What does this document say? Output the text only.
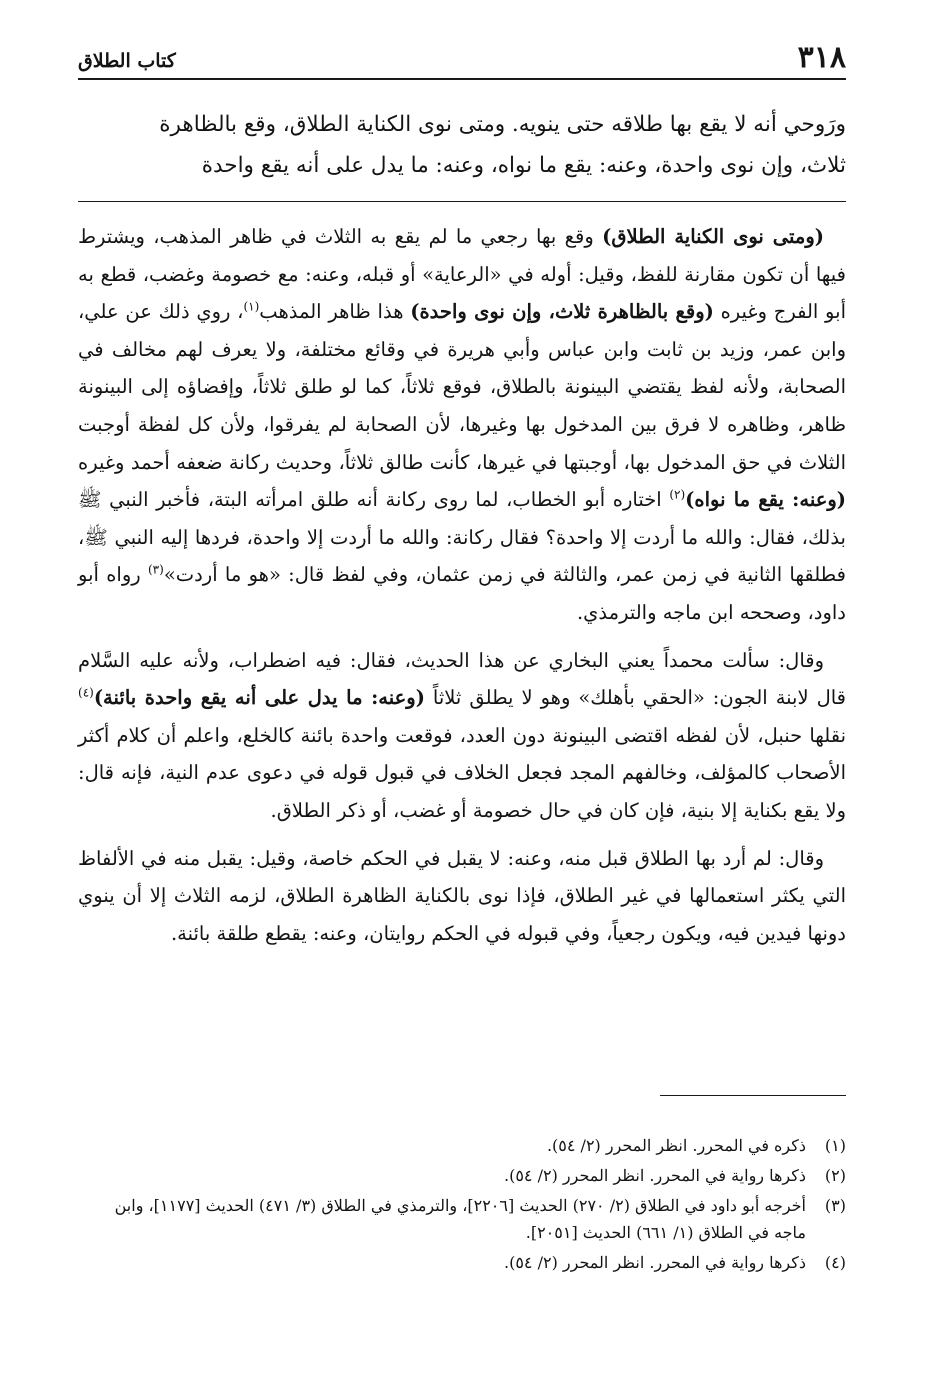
٣١٨
كتاب الطلاق

ورَوحي أنه لا يقع بها طلاقه حتى ينويه. ومتى نوى الكناية الطلاق، وقع بالظاهرة

ثلاث، وإن نوى واحدة، وعنه: يقع ما نواه، وعنه: ما يدل على أنه يقع واحدة

(ومتى نوى الكناية الطلاق) وقع بها رجعي ما لم يقع به الثلاث في ظاهر المذهب، ويشترط فيها أن تكون مقارنة للفظ، وقيل: أوله في «الرعاية» أو قبله، وعنه: مع خصومة وغضب، قطع به أبو الفرج وغيره (وقع بالظاهرة ثلاث، وإن نوى واحدة) هذا ظاهر المذهب$^{(١)}$، روي ذلك عن علي، وابن عمر، وزيد بن ثابت وابن عباس وأبي هريرة في وقائع مختلفة، ولا يعرف لهم مخالف في الصحابة، ولأنه لفظ يقتضي البينونة بالطلاق، فوقع ثلاثاً، كما لو طلق ثلاثاً، وإفضاؤه إلى البينونة ظاهر، وظاهره لا فرق بين المدخول بها وغيرها، لأن الصحابة لم يفرقوا، ولأن كل لفظة أوجبت الثلاث في حق المدخول بها، أوجبتها في غيرها، كأنت طالق ثلاثاً، وحديث ركانة ضعفه أحمد وغيره (وعنه: يقع ما نواه)$^{(٢)}$ اختاره أبو الخطاب، لما روى ركانة أنه طلق امرأته البتة، فأخبر النبي ﷺ بذلك، فقال: والله ما أردت إلا واحدة؟ فقال ركانة: والله ما أردت إلا واحدة، فردها إليه النبي ﷺ، فطلقها الثانية في زمن عمر، والثالثة في زمن عثمان، وفي لفظ قال: «هو ما أردت»$^{(٣)}$ رواه أبو داود، وصححه ابن ماجه والترمذي.

وقال: سألت محمداً يعني البخاري عن هذا الحديث، فقال: فيه اضطراب، ولأنه عليه السَّلام قال لابنة الجون: «الحقي بأهلك» وهو لا يطلق ثلاثاً (وعنه: ما يدل على أنه يقع واحدة بائنة)$^{(٤)}$ نقلها حنبل، لأن لفظه اقتضى البينونة دون العدد، فوقعت واحدة بائنة كالخلع، واعلم أن كلام أكثر الأصحاب كالمؤلف، وخالفهم المجد فجعل الخلاف في قبول قوله في دعوى عدم النية، فإنه قال: ولا يقع بكناية إلا بنية، فإن كان في حال خصومة أو غضب، أو ذكر الطلاق.

وقال: لم أرد بها الطلاق قبل منه، وعنه: لا يقبل في الحكم خاصة، وقيل: يقبل منه في الألفاظ التي يكثر استعمالها في غير الطلاق، فإذا نوى بالكناية الظاهرة الطلاق، لزمه الثلاث إلا أن ينوي دونها فيدين فيه، ويكون رجعياً، وفي قبوله في الحكم روايتان، وعنه: يقطع طلقة بائنة.

(١)
ذكره في المحرر. انظر المحرر (٢/ ٥٤).
(٢)
ذكرها رواية في المحرر. انظر المحرر (٢/ ٥٤).
(٣)
أخرجه أبو داود في الطلاق (٢/ ٢٧٠) الحديث [٢٢٠٦]، والترمذي في الطلاق (٣/ ٤٧١) الحديث [١١٧٧]، وابن ماجه في الطلاق (١/ ٦٦١) الحديث [٢٠٥١].
(٤)
ذكرها رواية في المحرر. انظر المحرر (٢/ ٥٤).
